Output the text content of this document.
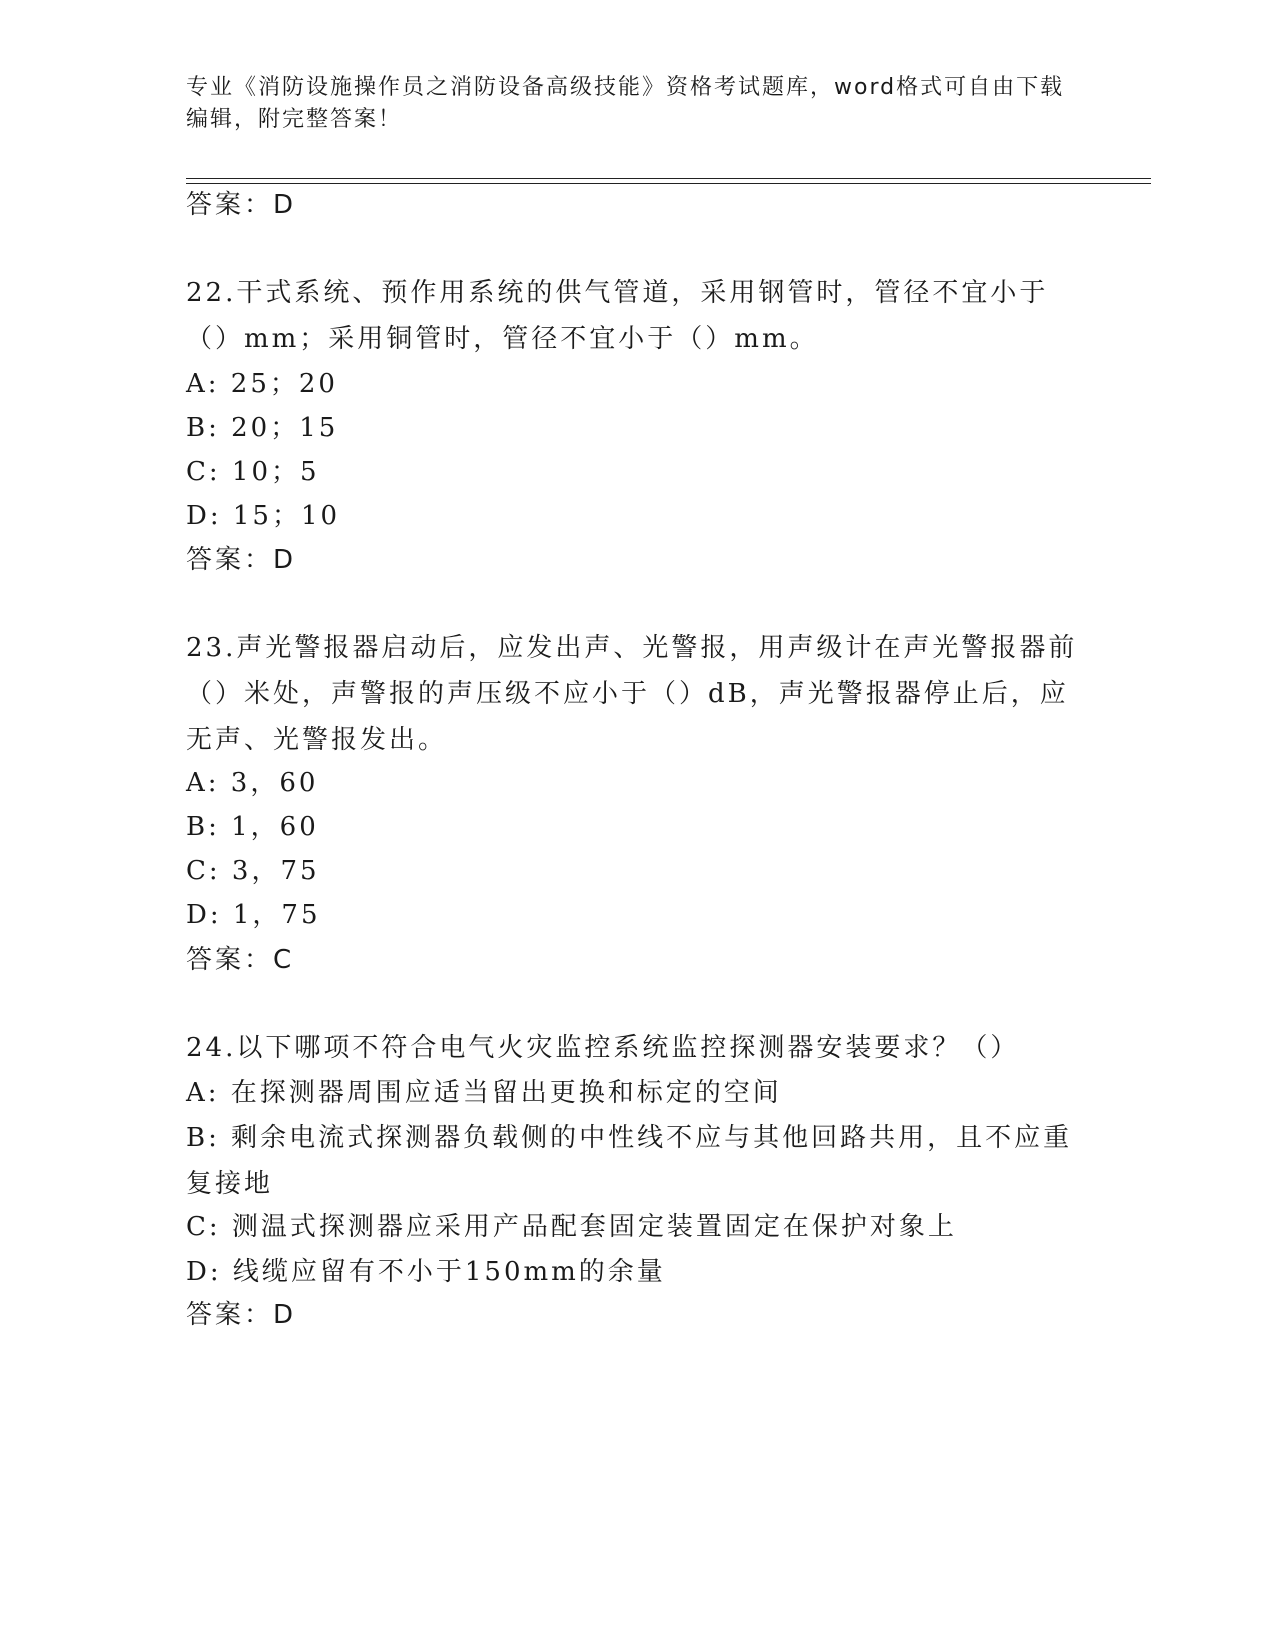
专业《消防设施操作员之消防设备高级技能》资格考试题库，word格式可自由下载编辑，附完整答案！
答案：D
22.干式系统、预作用系统的供气管道，采用钢管时，管径不宜小于（）mm；采用铜管时，管径不宜小于（）mm。
A: 25；20
B: 20；15
C: 10；5
D: 15；10
答案：D
23.声光警报器启动后，应发出声、光警报，用声级计在声光警报器前（）米处，声警报的声压级不应小于（）dB，声光警报器停止后，应无声、光警报发出。
A: 3，60
B: 1，60
C: 3，75
D: 1，75
答案：C
24.以下哪项不符合电气火灾监控系统监控探测器安装要求？（）
A: 在探测器周围应适当留出更换和标定的空间
B: 剩余电流式探测器负载侧的中性线不应与其他回路共用，且不应重复接地
C: 测温式探测器应采用产品配套固定装置固定在保护对象上
D: 线缆应留有不小于150mm的余量
答案：D
